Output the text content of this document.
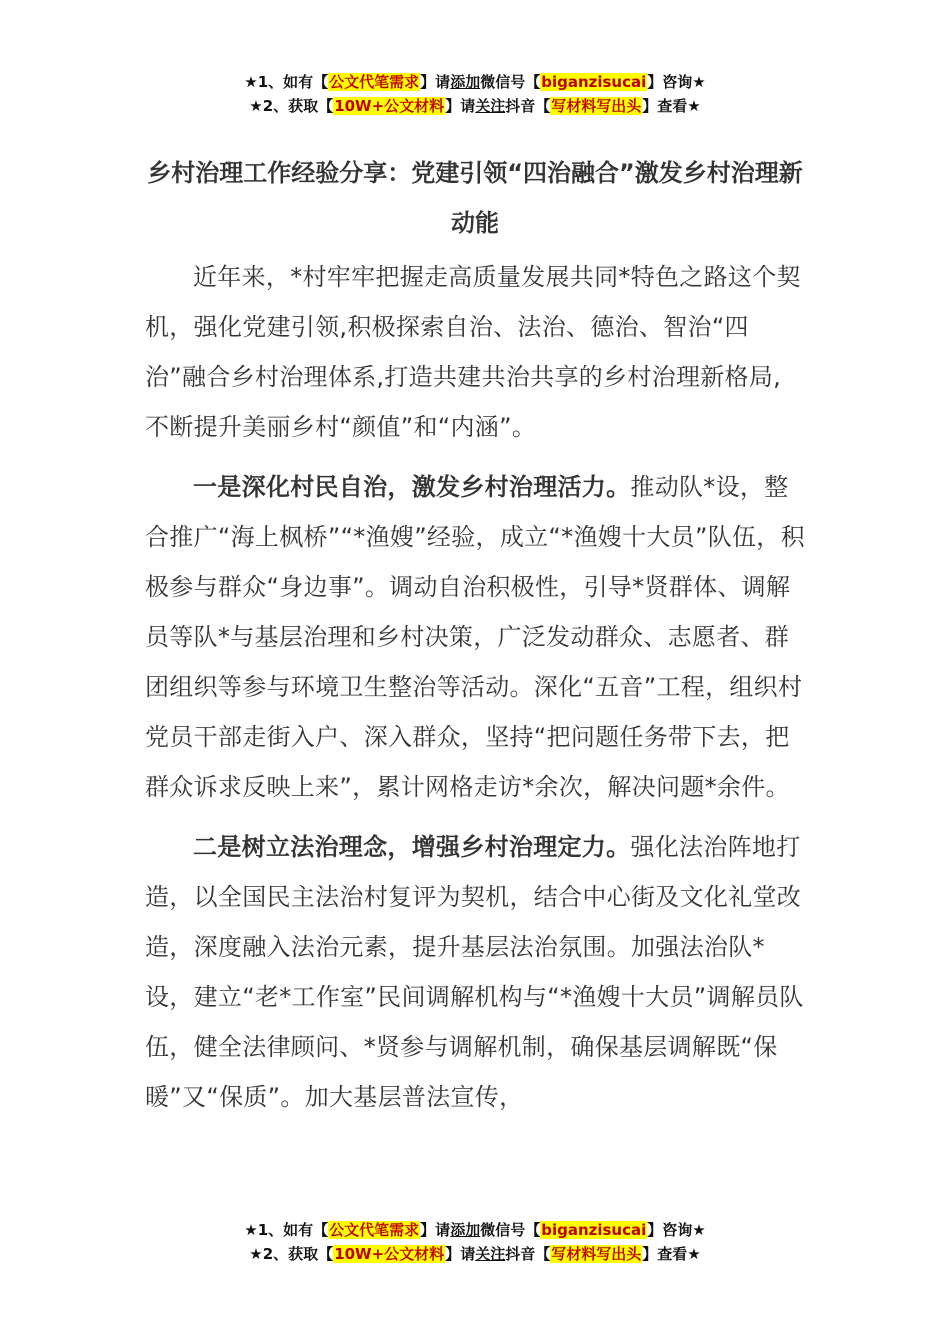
★1、如有【公文代笔需求】请添加微信号【biganzisucai】咨询★
★2、获取【10W+公文材料】请关注抖音【写材料写出头】查看★
乡村治理工作经验分享：党建引领“四治融合”激发乡村治理新动能

近年来，*村牢牢把握走高质量发展共同*特色之路这个契机，强化党建引领,积极探索自治、法治、德治、智治“四治”融合乡村治理体系,打造共建共治共享的乡村治理新格局,不断提升美丽乡村“颜值”和“内涵”。

一是深化村民自治，激发乡村治理活力。推动队*设，整合推广“海上枫桥”“*渔嫂”经验，成立“*渔嫂十大员”队伍，积极参与群众“身边事”。调动自治积极性，引导*贤群体、调解员等队*与基层治理和乡村决策，广泛发动群众、志愿者、群团组织等参与环境卫生整治等活动。深化“五音”工程，组织村党员干部走街入户、深入群众，坚持“把问题任务带下去，把群众诉求反映上来”，累计网格走访*余次，解决问题*余件。

二是树立法治理念，增强乡村治理定力。强化法治阵地打造，以全国民主法治村复评为契机，结合中心街及文化礼堂改造，深度融入法治元素，提升基层法治氛围。加强法治队*设，建立“老*工作室”民间调解机构与“*渔嫂十大员”调解员队伍，健全法律顾问、*贤参与调解机制，确保基层调解既“保暖”又“保质”。加大基层普法宣传，

★1、如有【公文代笔需求】请添加微信号【biganzisucai】咨询★
★2、获取【10W+公文材料】请关注抖音【写材料写出头】查看★
